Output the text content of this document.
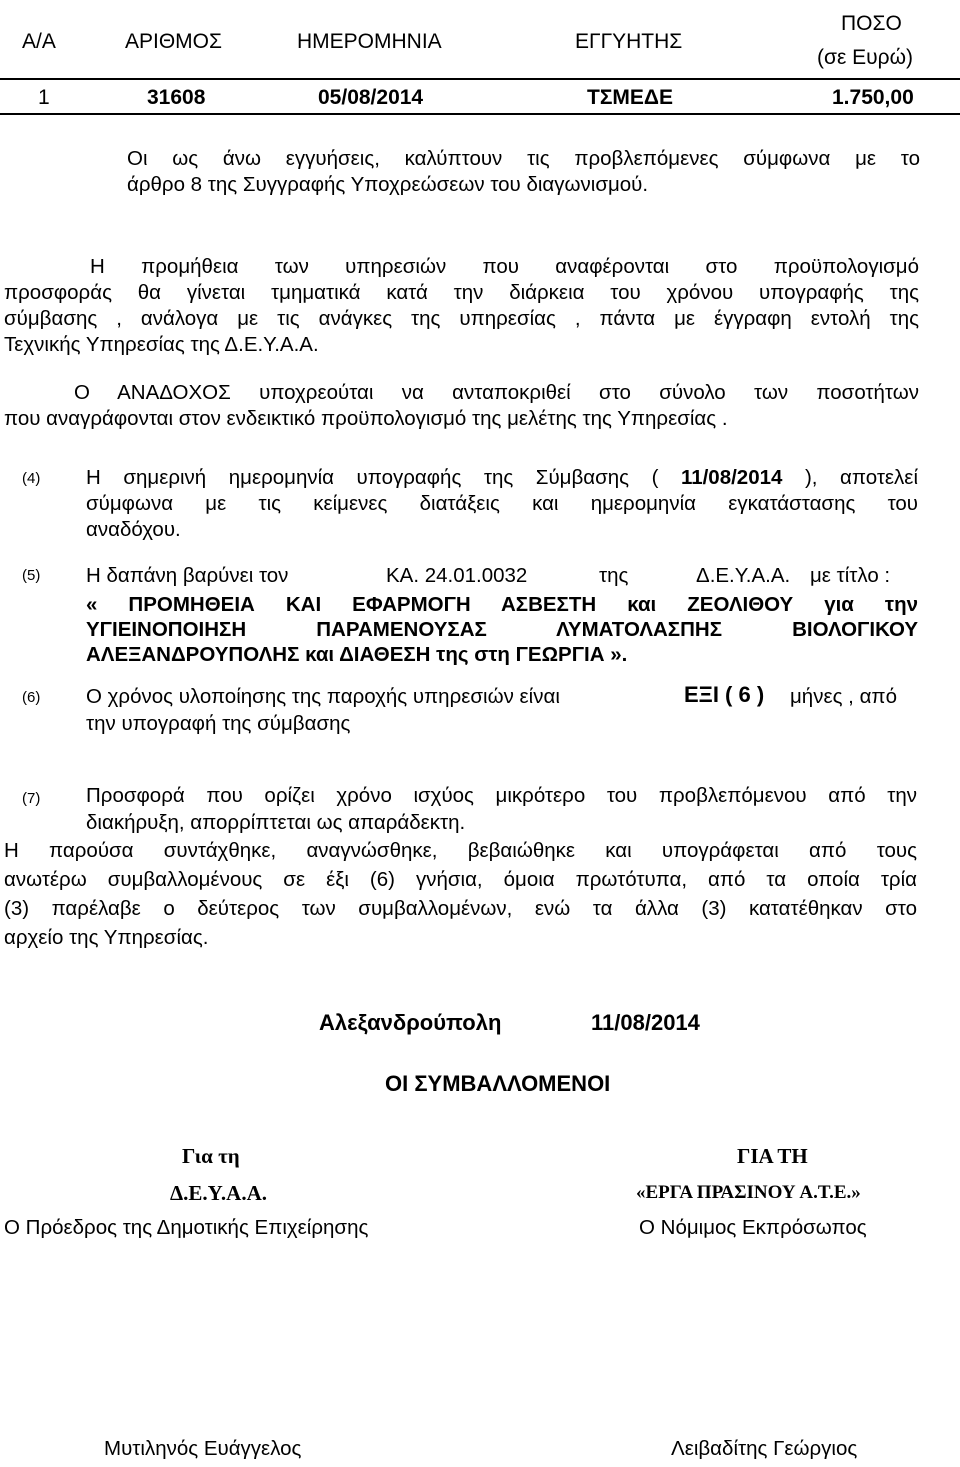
Α/Α	ΑΡΙΘΜΟΣ	ΗΜΕΡΟΜΗΝΙΑ	ΕΓΓΥΗΤΗΣ
ΠΟΣΟ
(σε Ευρώ)
1	31608	05/08/2014	ΤΣΜΕΔΕ	1.750,00
Οι ως άνω εγγυήσεις, καλύπτουν τις προβλεπόμενες σύμφωνα με το
άρθρο 8 της Συγγραφής Υποχρεώσεων του διαγωνισμού.
Η προμήθεια των υπηρεσιών που αναφέρονται στο προϋπολογισμό
προσφοράς θα γίνεται τμηματικά κατά την διάρκεια του χρόνου υπογραφής της
σύμβασης , ανάλογα με τις ανάγκες της υπηρεσίας , πάντα με έγγραφη εντολή της
Τεχνικής Υπηρεσίας της Δ.Ε.Υ.Α.Α.
Ο ΑΝΑΔΟΧΟΣ υποχρεούται να ανταποκριθεί στο σύνολο των ποσοτήτων
που αναγράφονται στον ενδεικτικό προϋπολογισμό της μελέτης της Υπηρεσίας .
(4) Η σημερινή ημερομηνία υπογραφής της Σύμβασης ( 11/08/2014 ), αποτελεί
σύμφωνα με τις κείμενες διατάξεις και ημερομηνία εγκατάστασης του
αναδόχου.
(5) Η δαπάνη βαρύνει τον	ΚΑ. 24.01.0032	της	Δ.Ε.Υ.Α.Α. με τίτλο :
« ΠΡΟΜΗΘΕΙΑ ΚΑΙ ΕΦΑΡΜΟΓΗ ΑΣΒΕΣΤΗ και ΖΕΟΛΙΘΟΥ για την
ΥΓΙΕΙΝΟΠΟΙΗΣΗ ΠΑΡΑΜΕΝΟΥΣΑΣ ΛΥΜΑΤΟΛΑΣΠΗΣ ΒΙΟΛΟΓΙΚΟΥ
ΑΛΕΞΑΝΔΡΟΥΠΟΛΗΣ και ΔΙΑΘΕΣΗ της στη ΓΕΩΡΓΙΑ ».
(6) Ο χρόνος υλοποίησης της παροχής υπηρεσιών είναι	ΕΞΙ ( 6 ) μήνες , από
την υπογραφή της σύμβασης
(7) Προσφορά που ορίζει χρόνο ισχύος μικρότερο του προβλεπόμενου από την
διακήρυξη, απορρίπτεται ως απαράδεκτη.
Η παρούσα συντάχθηκε, αναγνώσθηκε, βεβαιώθηκε και υπογράφεται από τους
ανωτέρω συμβαλλομένους σε έξι (6) γνήσια, όμοια πρωτότυπα, από τα οποία τρία
(3) παρέλαβε ο δεύτερος των συμβαλλομένων, ενώ τα άλλα (3) κατατέθηκαν στο
αρχείο της Υπηρεσίας.
Αλεξανδρούπολη	11/08/2014
ΟΙ ΣΥΜΒΑΛΛΟΜΕΝΟΙ
Για τη
Δ.Ε.Υ.Α.Α.
Ο Πρόεδρος της Δημοτικής Επιχείρησης
Μυτιληνός Ευάγγελος
ΓΙΑ ΤΗ
«ΕΡΓΑ ΠΡΑΣΙΝΟΥ Α.Τ.Ε.»
Ο Νόμιμος Εκπρόσωπος
Λειβαδίτης Γεώργιος
